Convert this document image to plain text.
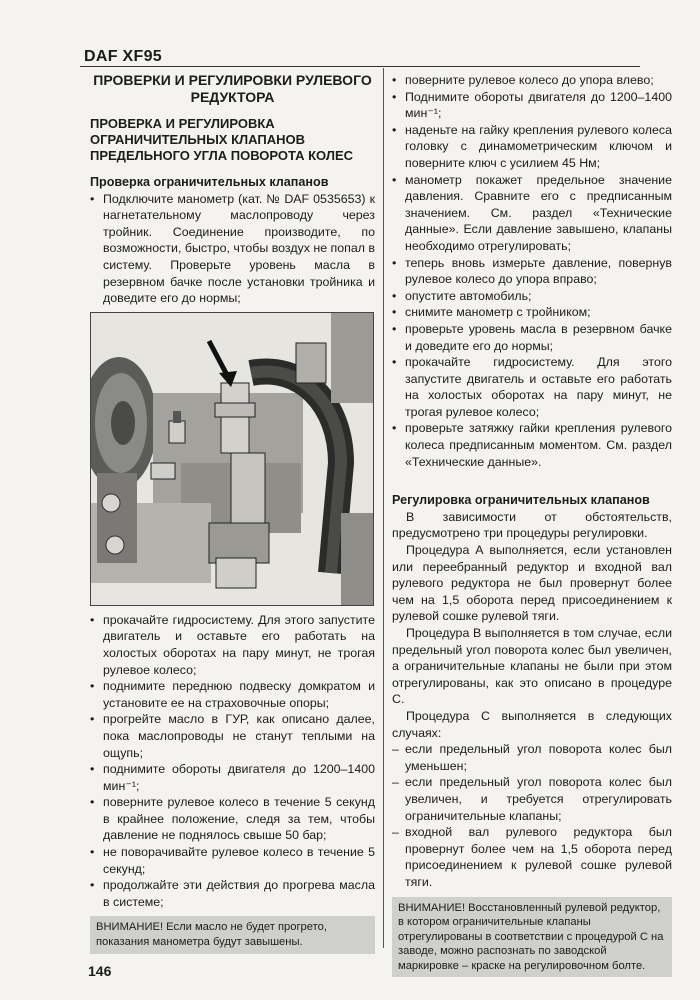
DAF XF95
ПРОВЕРКИ И РЕГУЛИРОВКИ РУЛЕВОГО РЕДУКТОРА
ПРОВЕРКА И РЕГУЛИРОВКА ОГРАНИЧИТЕЛЬНЫХ КЛАПАНОВ ПРЕДЕЛЬНОГО УГЛА ПОВОРОТА КОЛЕС
Проверка ограничительных клапанов
• Подключите манометр (кат. № DAF 0535653) к нагнетательному маслопроводу через тройник. Соединение производите, по возможности, быстро, чтобы воздух не попал в систему. Проверьте уровень масла в резервном бачке после установки тройника и доведите его до нормы;
• прокачайте гидросистему. Для этого запустите двигатель и оставьте его работать на холостых оборотах на пару минут, не трогая рулевое колесо;
• поднимите переднюю подвеску домкратом и установите ее на страховочные опоры;
• прогрейте масло в ГУР, как описано далее, пока маслопроводы не станут теплыми на ощупь;
• поднимите обороты двигателя до 1200–1400 мин⁻¹;
• поверните рулевое колесо в течение 5 секунд в крайнее положение, следя за тем, чтобы давление не поднялось свыше 50 бар;
• не поворачивайте рулевое колесо в течение 5 секунд;
• продолжайте эти действия до прогрева масла в системе;
ВНИМАНИЕ! Если масло не будет прогрето, показания манометра будут завышены.
• поверните рулевое колесо до упора влево;
• Поднимите обороты двигателя до 1200–1400 мин⁻¹;
• наденьте на гайку крепления рулевого колеса головку с динамометрическим ключом и поверните ключ с усилием 45 Нм;
• манометр покажет предельное значение давления. Сравните его с предписанным значением. См. раздел «Технические данные». Если давление завышено, клапаны необходимо отрегулировать;
• теперь вновь измерьте давление, повернув рулевое колесо до упора вправо;
• опустите автомобиль;
• снимите манометр с тройником;
• проверьте уровень масла в резервном бачке и доведите его до нормы;
• прокачайте гидросистему. Для этого запустите двигатель и оставьте его работать на холостых оборотах на пару минут, не трогая рулевое колесо;
• проверьте затяжку гайки крепления рулевого колеса предписанным моментом. См. раздел «Технические данные».
Регулировка ограничительных клапанов

В зависимости от обстоятельств, предусмотрено три процедуры регулировки.

Процедура А выполняется, если установлен или переебранный редуктор и входной вал рулевого редуктора не был провернут более чем на 1,5 оборота перед присоединением к рулевой сошке рулевой тяги.

Процедура В выполняется в том случае, если предельный угол поворота колес был увеличен, а ограничительные клапаны не были при этом отрегулированы, как это описано в процедуре С.

Процедура С выполняется в следующих случаях:

– если предельный угол поворота колес был уменьшен;
– если предельный угол поворота колес был увеличен, и требуется отрегулировать ограничительные клапаны;
– входной вал рулевого редуктора был провернут более чем на 1,5 оборота перед присоединением к рулевой сошке рулевой тяги.
ВНИМАНИЕ! Восстановленный рулевой редуктор, в котором ограничительные клапаны отрегулированы в соответствии с процедурой С на заводе, можно распознать по заводской маркировке – краске на регулировочном болте.
146
